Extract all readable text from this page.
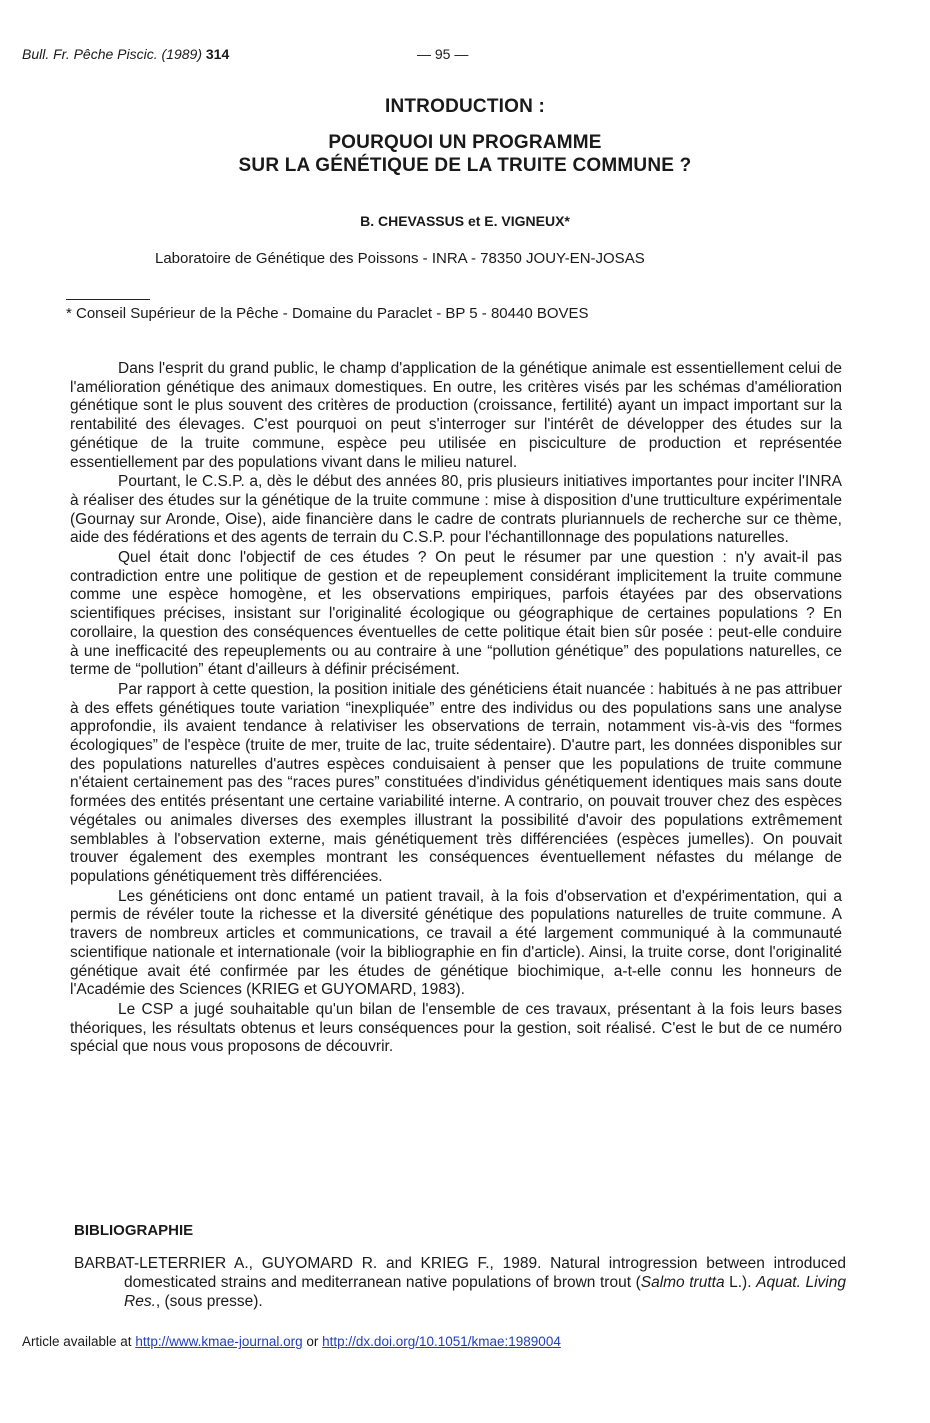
Bull. Fr. Pêche Piscic. (1989) 314	— 95 —
INTRODUCTION :
POURQUOI UN PROGRAMME
SUR LA GÉNÉTIQUE DE LA TRUITE COMMUNE ?
B. CHEVASSUS et E. VIGNEUX*
Laboratoire de Génétique des Poissons - INRA - 78350 JOUY-EN-JOSAS
* Conseil Supérieur de la Pêche - Domaine du Paraclet - BP 5 - 80440 BOVES

Dans l'esprit du grand public, le champ d'application de la génétique animale est essentiellement celui de l'amélioration génétique des animaux domestiques. En outre, les critères visés par les schémas d'amélioration génétique sont le plus souvent des critères de production (croissance, fertilité) ayant un impact important sur la rentabilité des élevages. C'est pourquoi on peut s'interroger sur l'intérêt de développer des études sur la génétique de la truite commune, espèce peu utilisée en pisciculture de production et représentée essentiellement par des populations vivant dans le milieu naturel.

Pourtant, le C.S.P. a, dès le début des années 80, pris plusieurs initiatives importantes pour inciter l'INRA à réaliser des études sur la génétique de la truite commune : mise à disposition d'une trutticulture expérimentale (Gournay sur Aronde, Oise), aide financière dans le cadre de contrats pluriannuels de recherche sur ce thème, aide des fédérations et des agents de terrain du C.S.P. pour l'échantillonnage des populations naturelles.

Quel était donc l'objectif de ces études ? On peut le résumer par une question : n'y avait-il pas contradiction entre une politique de gestion et de repeuplement considérant implicitement la truite commune comme une espèce homogène, et les observations empiriques, parfois étayées par des observations scientifiques précises, insistant sur l'originalité écologique ou géographique de certaines populations ? En corollaire, la question des conséquences éventuelles de cette politique était bien sûr posée : peut-elle conduire à une inefficacité des repeuplements ou au contraire à une “pollution génétique” des populations naturelles, ce terme de “pollution” étant d'ailleurs à définir précisément.

Par rapport à cette question, la position initiale des généticiens était nuancée : habitués à ne pas attribuer à des effets génétiques toute variation “inexpliquée” entre des individus ou des populations sans une analyse approfondie, ils avaient tendance à relativiser les observations de terrain, notamment vis-à-vis des “formes écologiques” de l'espèce (truite de mer, truite de lac, truite sédentaire). D'autre part, les données disponibles sur des populations naturelles d'autres espèces conduisaient à penser que les populations de truite commune n'étaient certainement pas des “races pures” constituées d'individus génétiquement identiques mais sans doute formées des entités présentant une certaine variabilité interne. A contrario, on pouvait trouver chez des espèces végétales ou animales diverses des exemples illustrant la possibilité d'avoir des populations extrêmement semblables à l'observation externe, mais génétiquement très différenciées (espèces jumelles). On pouvait trouver également des exemples montrant les conséquences éventuellement néfastes du mélange de populations génétiquement très différenciées.

Les généticiens ont donc entamé un patient travail, à la fois d'observation et d'expérimentation, qui a permis de révéler toute la richesse et la diversité génétique des populations naturelles de truite commune. A travers de nombreux articles et communications, ce travail a été largement communiqué à la communauté scientifique nationale et internationale (voir la bibliographie en fin d'article). Ainsi, la truite corse, dont l'originalité génétique avait été confirmée par les études de génétique biochimique, a-t-elle connu les honneurs de l'Académie des Sciences (KRIEG et GUYOMARD, 1983).

Le CSP a jugé souhaitable qu'un bilan de l'ensemble de ces travaux, présentant à la fois leurs bases théoriques, les résultats obtenus et leurs conséquences pour la gestion, soit réalisé. C'est le but de ce numéro spécial que nous vous proposons de découvrir.

BIBLIOGRAPHIE
BARBAT-LETERRIER A., GUYOMARD R. and KRIEG F., 1989. Natural introgression between introduced domesticated strains and mediterranean native populations of brown trout (Salmo trutta L.). Aquat. Living Res., (sous presse).
Article available at http://www.kmae-journal.org or http://dx.doi.org/10.1051/kmae:1989004
